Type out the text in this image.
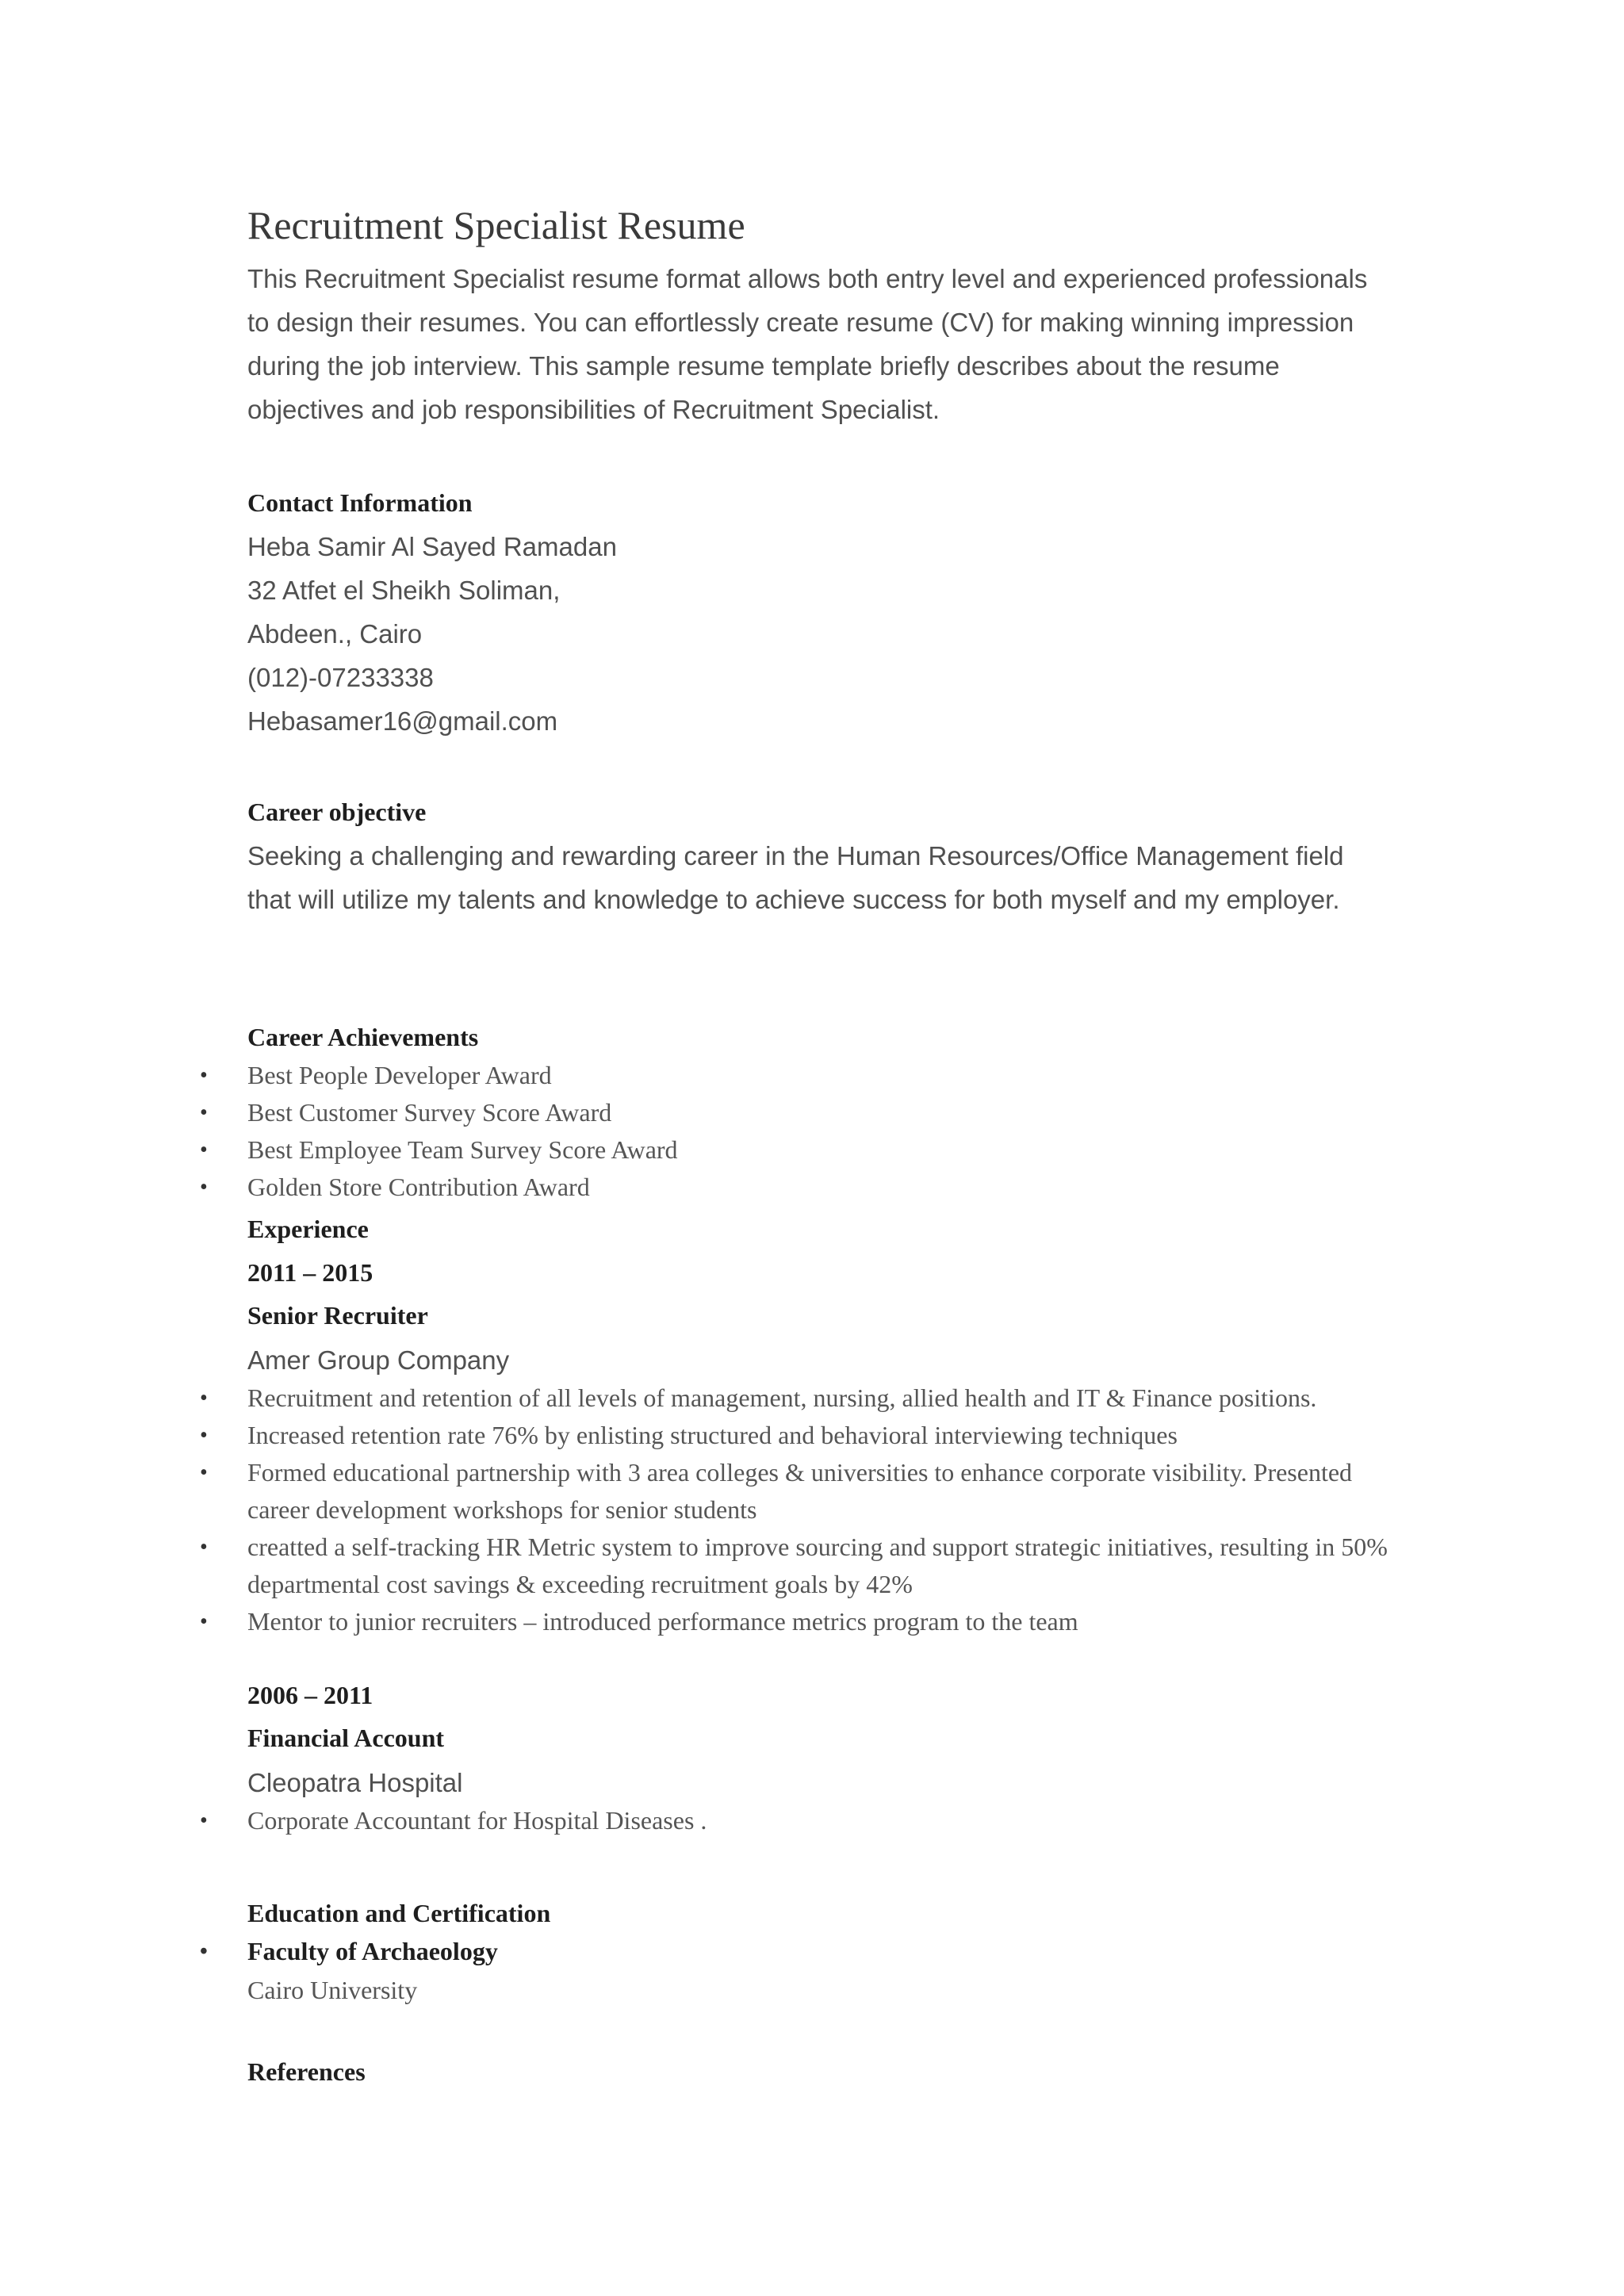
Recruitment Specialist Resume

This Recruitment Specialist resume format allows both entry level and experienced professionals to design their resumes. You can effortlessly create resume (CV) for making winning impression during the job interview. This sample resume template briefly describes about the resume objectives and job responsibilities of Recruitment Specialist.

Contact Information

Heba Samir Al Sayed Ramadan

32 Atfet el Sheikh Soliman,

Abdeen., Cairo

(012)-07233338

Hebasamer16@gmail.com

Career objective

Seeking a challenging and rewarding career in the Human Resources/Office Management field that will utilize my talents and knowledge to achieve success for both myself and my employer.

Career Achievements
• Best People Developer Award
• Best Customer Survey Score Award
• Best Employee Team Survey Score Award
• Golden Store Contribution Award
Experience
2011 – 2015
Senior Recruiter

Amer Group Company

• Recruitment and retention of all levels of management, nursing, allied health and IT & Finance positions.
• Increased retention rate 76% by enlisting structured and behavioral interviewing techniques
• Formed educational partnership with 3 area colleges & universities to enhance corporate visibility. Presented career development workshops for senior students
• creatted a self-tracking HR Metric system to improve sourcing and support strategic initiatives, resulting in 50% departmental cost savings & exceeding recruitment goals by 42%
• Mentor to junior recruiters – introduced performance metrics program to the team
2006 – 2011
Financial Account

Cleopatra Hospital

• Corporate Accountant for Hospital Diseases .
Education and Certification
• Faculty of Archaeology

Cairo University

References
